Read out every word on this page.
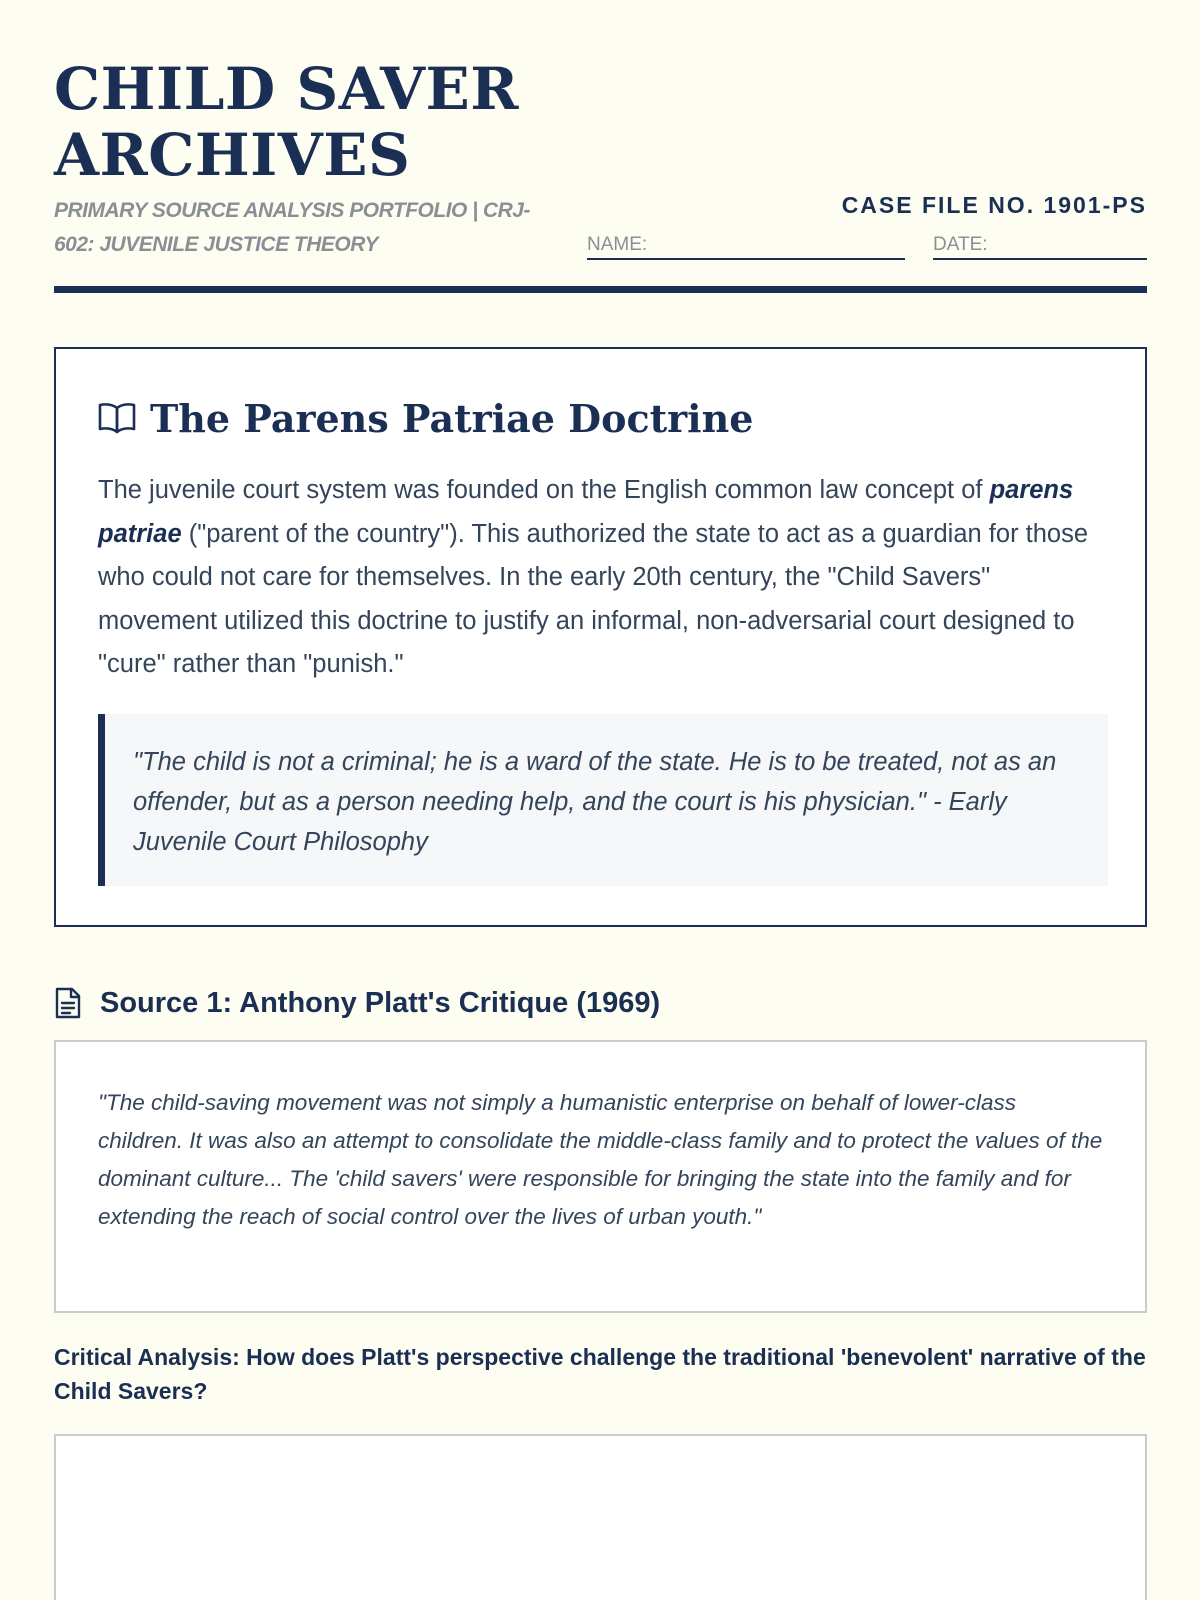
CHILD SAVER ARCHIVES
PRIMARY SOURCE ANALYSIS PORTFOLIO | CRJ-602: JUVENILE JUSTICE THEORY
CASE FILE NO. 1901-PS
NAME:	DATE:
The Parens Patriae Doctrine

The juvenile court system was founded on the English common law concept of parens patriae ("parent of the country"). This authorized the state to act as a guardian for those who could not care for themselves. In the early 20th century, the "Child Savers" movement utilized this doctrine to justify an informal, non-adversarial court designed to "cure" rather than "punish."

"The child is not a criminal; he is a ward of the state. He is to be treated, not as an offender, but as a person needing help, and the court is his physician." - Early Juvenile Court Philosophy
Source 1: Anthony Platt's Critique (1969)
"The child-saving movement was not simply a humanistic enterprise on behalf of lower-class children. It was also an attempt to consolidate the middle-class family and to protect the values of the dominant culture... The 'child savers' were responsible for bringing the state into the family and for extending the reach of social control over the lives of urban youth."
Critical Analysis: How does Platt's perspective challenge the traditional 'benevolent' narrative of the Child Savers?
